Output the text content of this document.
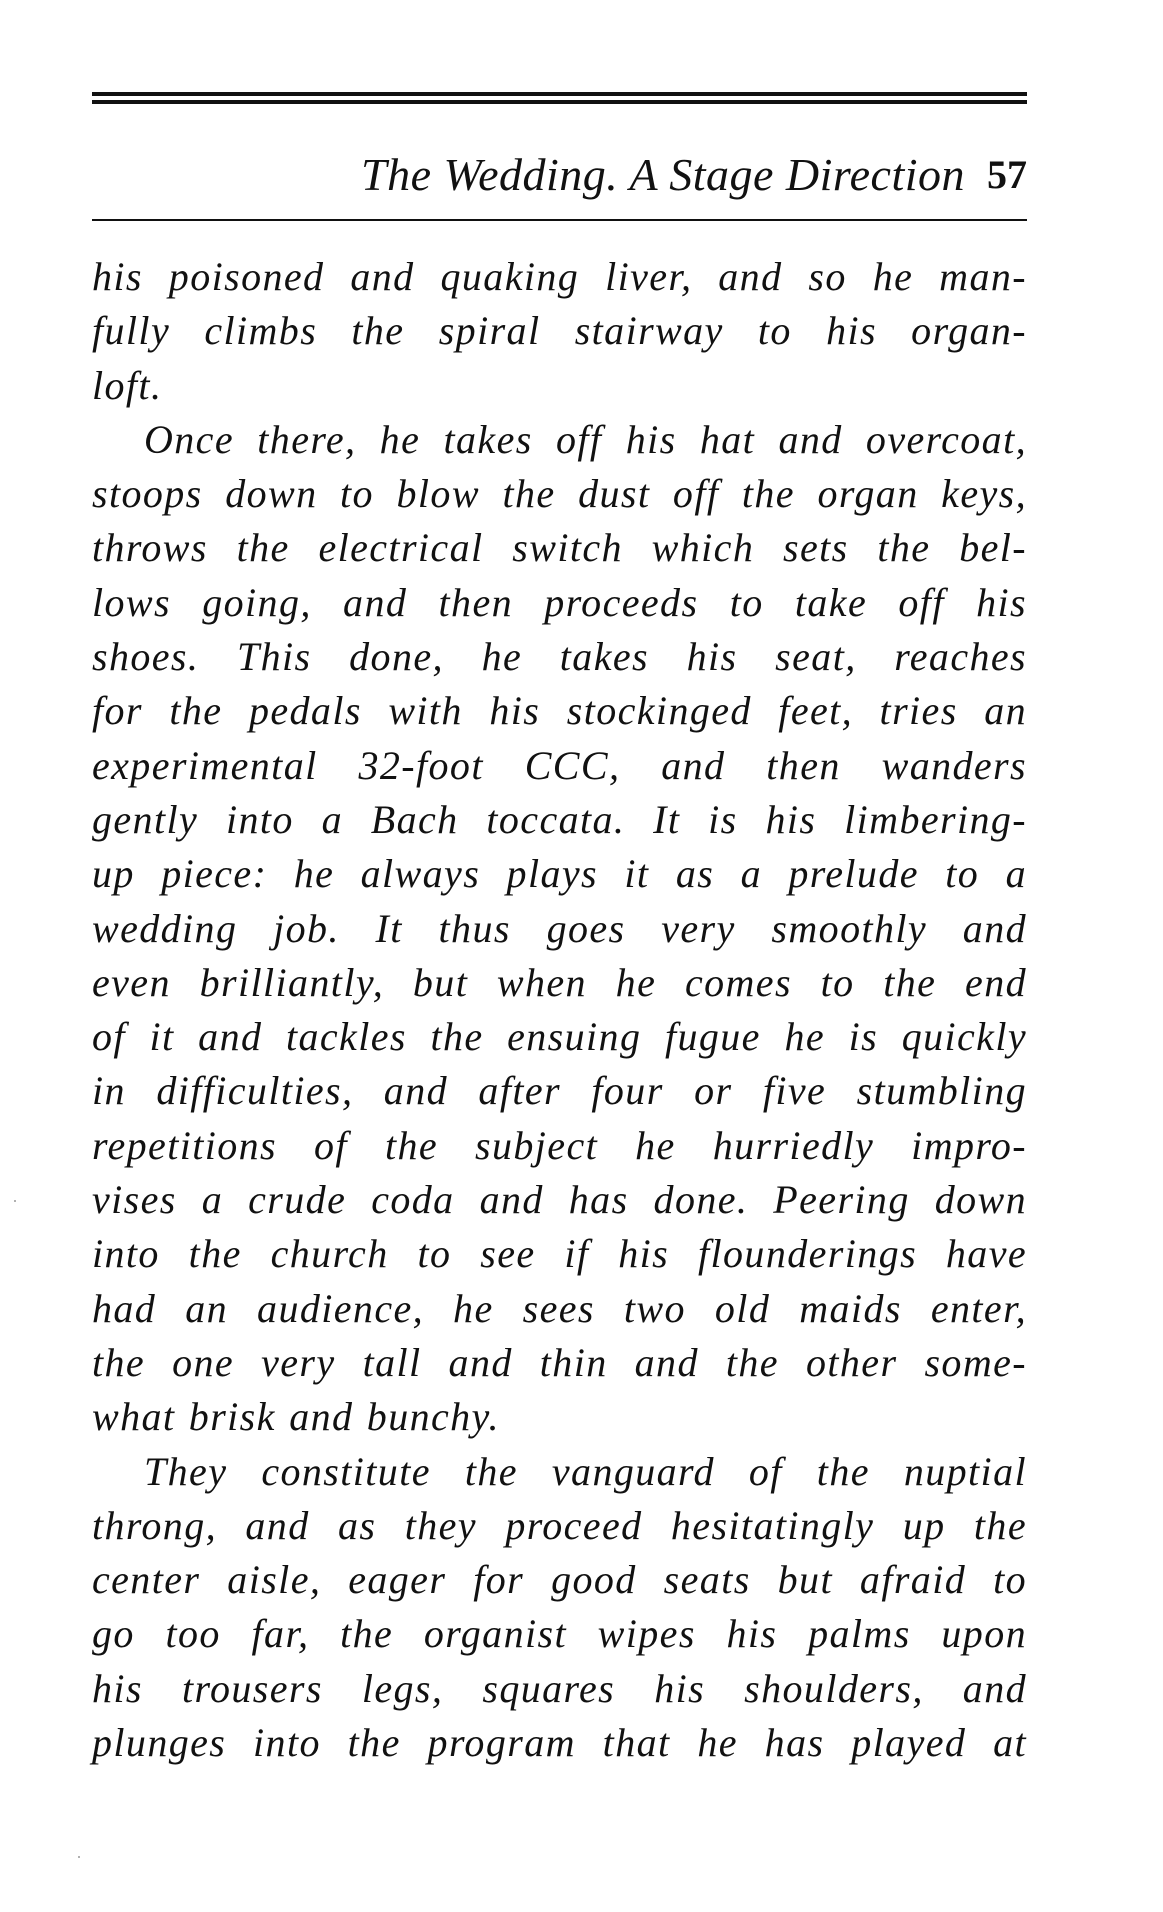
The Wedding. A Stage Direction 57
his poisoned and quaking liver, and so he man-
fully climbs the spiral stairway to his organ-
loft.
Once there, he takes off his hat and overcoat,
stoops down to blow the dust off the organ keys,
throws the electrical switch which sets the bel-
lows going, and then proceeds to take off his
shoes. This done, he takes his seat, reaches
for the pedals with his stockinged feet, tries an
experimental 32-foot CCC, and then wanders
gently into a Bach toccata. It is his limbering-
up piece: he always plays it as a prelude to a
wedding job. It thus goes very smoothly and
even brilliantly, but when he comes to the end
of it and tackles the ensuing fugue he is quickly
in difficulties, and after four or five stumbling
repetitions of the subject he hurriedly impro-
vises a crude coda and has done. Peering down
into the church to see if his flounderings have
had an audience, he sees two old maids enter,
the one very tall and thin and the other some-
what brisk and bunchy.
They constitute the vanguard of the nuptial
throng, and as they proceed hesitatingly up the
center aisle, eager for good seats but afraid to
go too far, the organist wipes his palms upon
his trousers legs, squares his shoulders, and
plunges into the program that he has played at
